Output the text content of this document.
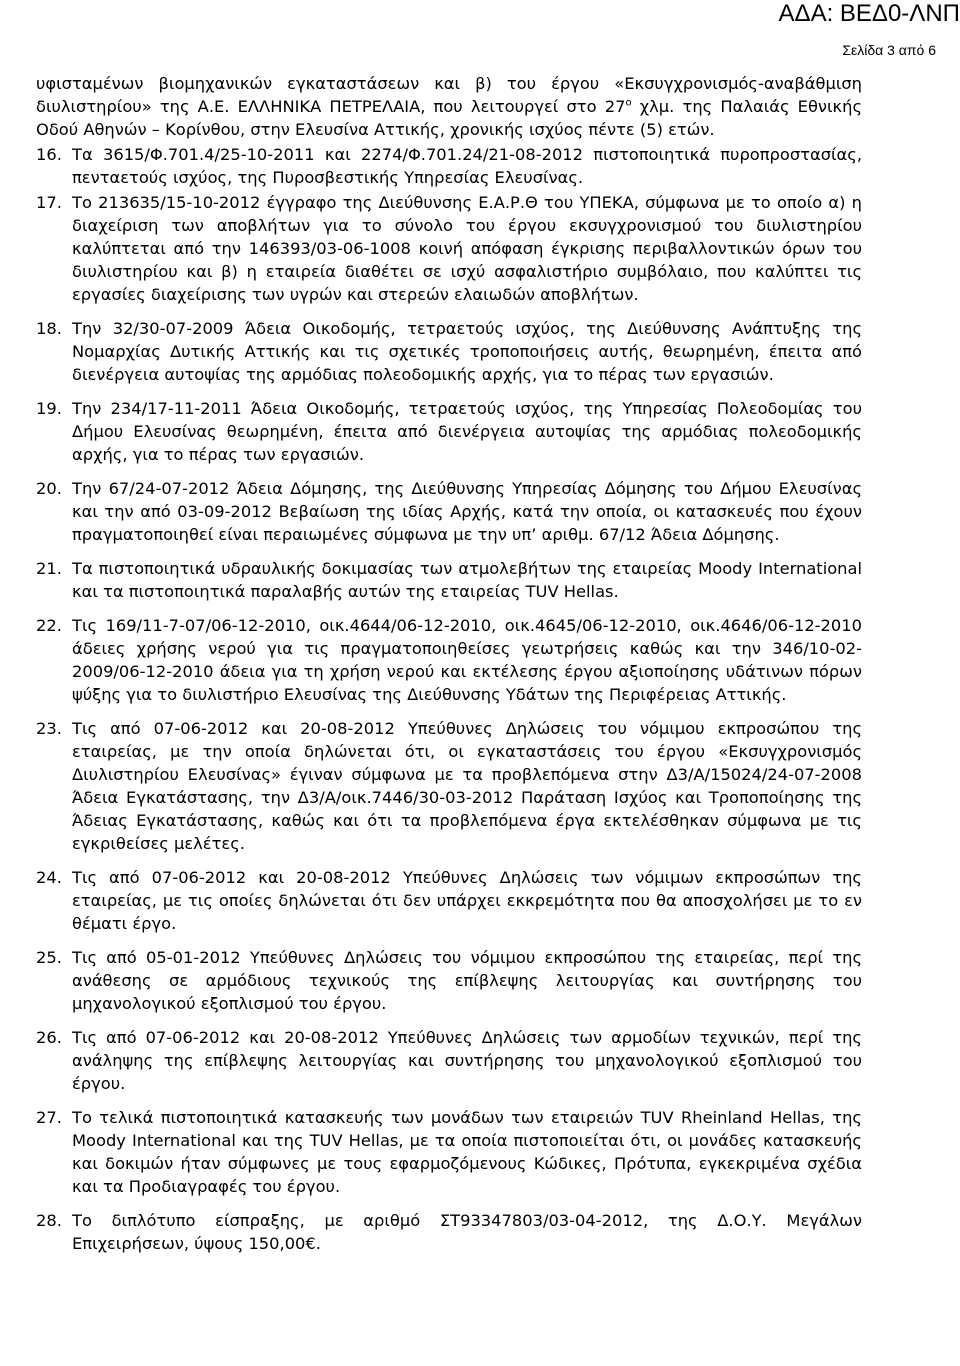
ΑΔΑ: ΒΕΔ0-ΛΝΠ
Σελίδα 3 από 6

υφισταμένων βιομηχανικών εγκαταστάσεων και β) του έργου «Εκσυγχρονισμός-αναβάθμιση διυλιστηρίου» της Α.Ε. ΕΛΛΗΝΙΚΑ ΠΕΤΡΕΛΑΙΑ, που λειτουργεί στο $27^o$ χλμ. της Παλαιάς Εθνικής Οδού Αθηνών – Κορίνθου, στην Ελευσίνα Αττικής, χρονικής ισχύος πέντε (5) ετών.

16. Τα 3615/Φ.701.4/25-10-2011 και 2274/Φ.701.24/21-08-2012 πιστοποιητικά πυροπροστασίας, πενταετούς ισχύος, της Πυροσβεστικής Υπηρεσίας Ελευσίνας.
17. Το 213635/15-10-2012 έγγραφο της Διεύθυνσης Ε.Α.Ρ.Θ του ΥΠΕΚΑ, σύμφωνα με το οποίο α) η διαχείριση των αποβλήτων για το σύνολο του έργου εκσυγχρονισμού του διυλιστηρίου καλύπτεται από την 146393/03-06-1008 κοινή απόφαση έγκρισης περιβαλλοντικών όρων του διυλιστηρίου και β) η εταιρεία διαθέτει σε ισχύ ασφαλιστήριο συμβόλαιο, που καλύπτει τις εργασίες διαχείρισης των υγρών και στερεών ελαιωδών αποβλήτων.
18. Την 32/30-07-2009 Άδεια Οικοδομής, τετραετούς ισχύος, της Διεύθυνσης Ανάπτυξης της Νομαρχίας Δυτικής Αττικής και τις σχετικές τροποποιήσεις αυτής, θεωρημένη, έπειτα από διενέργεια αυτοψίας της αρμόδιας πολεοδομικής αρχής, για το πέρας των εργασιών.
19. Την 234/17-11-2011 Άδεια Οικοδομής, τετραετούς ισχύος, της Υπηρεσίας Πολεοδομίας του Δήμου Ελευσίνας θεωρημένη, έπειτα από διενέργεια αυτοψίας της αρμόδιας πολεοδομικής αρχής, για το πέρας των εργασιών.
20. Την 67/24-07-2012 Άδεια Δόμησης, της Διεύθυνσης Υπηρεσίας Δόμησης του Δήμου Ελευσίνας και την από 03-09-2012 Βεβαίωση της ιδίας Αρχής, κατά την οποία, οι κατασκευές που έχουν πραγματοποιηθεί είναι περαιωμένες σύμφωνα με την υπ’ αριθμ. 67/12 Άδεια Δόμησης.
21. Τα πιστοποιητικά υδραυλικής δοκιμασίας των ατμολεβήτων της εταιρείας Moody International και τα πιστοποιητικά παραλαβής αυτών της εταιρείας TUV Hellas.
22. Τις 169/11-7-07/06-12-2010, οικ.4644/06-12-2010, οικ.4645/06-12-2010, οικ.4646/06-12-2010 άδειες χρήσης νερού για τις πραγματοποιηθείσες γεωτρήσεις καθώς και την 346/10-02-2009/06-12-2010 άδεια για τη χρήση νερού και εκτέλεσης έργου αξιοποίησης υδάτινων πόρων ψύξης για το διυλιστήριο Ελευσίνας της Διεύθυνσης Υδάτων της Περιφέρειας Αττικής.
23. Τις από 07-06-2012 και 20-08-2012 Υπεύθυνες Δηλώσεις του νόμιμου εκπροσώπου της εταιρείας, με την οποία δηλώνεται ότι, οι εγκαταστάσεις του έργου «Εκσυγχρονισμός Διυλιστηρίου Ελευσίνας» έγιναν σύμφωνα με τα προβλεπόμενα στην Δ3/Α/15024/24-07-2008 Άδεια Εγκατάστασης, την Δ3/Α/οικ.7446/30-03-2012 Παράταση Ισχύος και Τροποποίησης της Άδειας Εγκατάστασης, καθώς και ότι τα προβλεπόμενα έργα εκτελέσθηκαν σύμφωνα με τις εγκριθείσες μελέτες.
24. Τις από 07-06-2012 και 20-08-2012 Υπεύθυνες Δηλώσεις των νόμιμων εκπροσώπων της εταιρείας, με τις οποίες δηλώνεται ότι δεν υπάρχει εκκρεμότητα που θα αποσχολήσει με το εν θέματι έργο.
25. Τις από 05-01-2012 Υπεύθυνες Δηλώσεις του νόμιμου εκπροσώπου της εταιρείας, περί της ανάθεσης σε αρμόδιους τεχνικούς της επίβλεψης λειτουργίας και συντήρησης του μηχανολογικού εξοπλισμού του έργου.
26. Τις από 07-06-2012 και 20-08-2012 Υπεύθυνες Δηλώσεις των αρμοδίων τεχνικών, περί της ανάληψης της επίβλεψης λειτουργίας και συντήρησης του μηχανολογικού εξοπλισμού του έργου.
27. Το τελικά πιστοποιητικά κατασκευής των μονάδων των εταιρειών TUV Rheinland Hellas, της Moody International και της TUV Hellas, με τα οποία πιστοποιείται ότι, οι μονάδες κατασκευής και δοκιμών ήταν σύμφωνες με τους εφαρμοζόμενους Κώδικες, Πρότυπα, εγκεκριμένα σχέδια και τα Προδιαγραφές του έργου.
28. Το διπλότυπο είσπραξης, με αριθμό ΣΤ93347803/03-04-2012, της Δ.Ο.Υ. Μεγάλων Επιχειρήσεων, ύψους 150,00€.
